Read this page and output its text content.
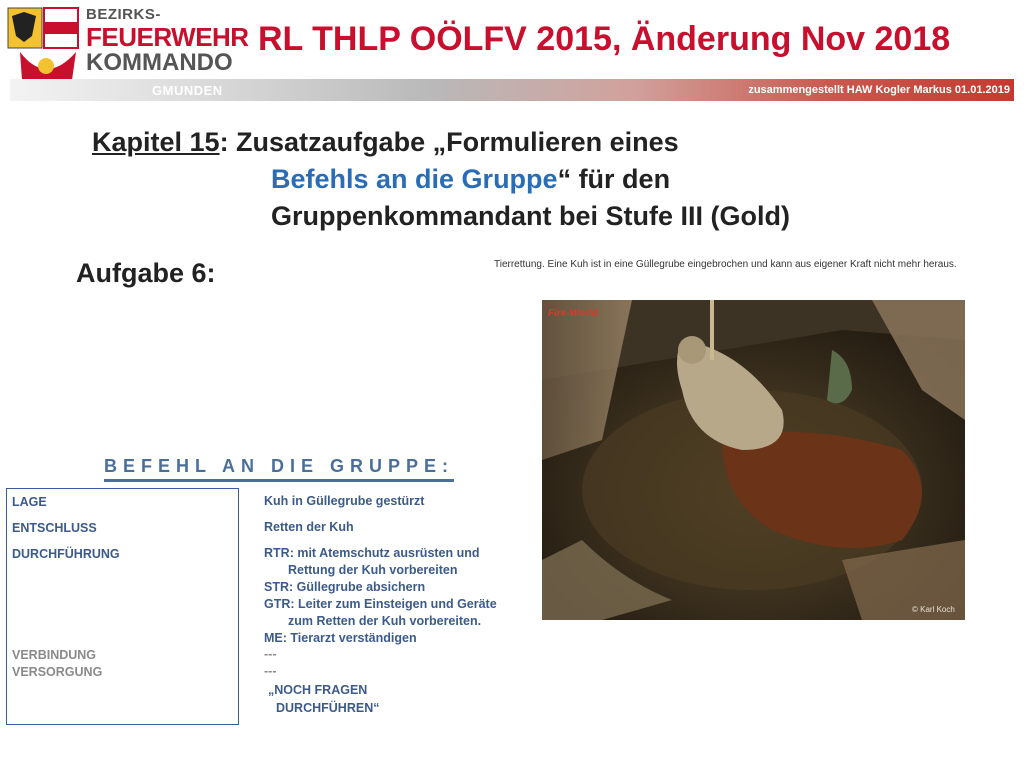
BEZIRKS-
FEUERWEHR
KOMMANDO
RL THLP OÖLFV 2015, Änderung Nov 2018
GMUNDEN	zusammengestellt HAW Kogler Markus 01.01.2019
Kapitel 15: Zusatzaufgabe „Formulieren eines
Befehls an die Gruppe“ für den
Gruppenkommandant bei Stufe III (Gold)
Aufgabe 6:	Tierrettung. Eine Kuh ist in eine Güllegrube eingebrochen und kann aus eigener Kraft nicht mehr heraus.
Fire-World
© Karl Koch
BEFEHL AN DIE GRUPPE:
LAGE
ENTSCHLUSS
DURCHFÜHRUNG
VERBINDUNG
VERSORGUNG
Kuh in Güllegrube gestürzt
Retten der Kuh
RTR: mit Atemschutz ausrüsten und
Rettung der Kuh vorbereiten
STR: Güllegrube absichern
GTR: Leiter zum Einsteigen und Geräte
zum Retten der Kuh vorbereiten.
ME: Tierarzt verständigen
---
---
„NOCH FRAGEN
DURCHFÜHREN“
